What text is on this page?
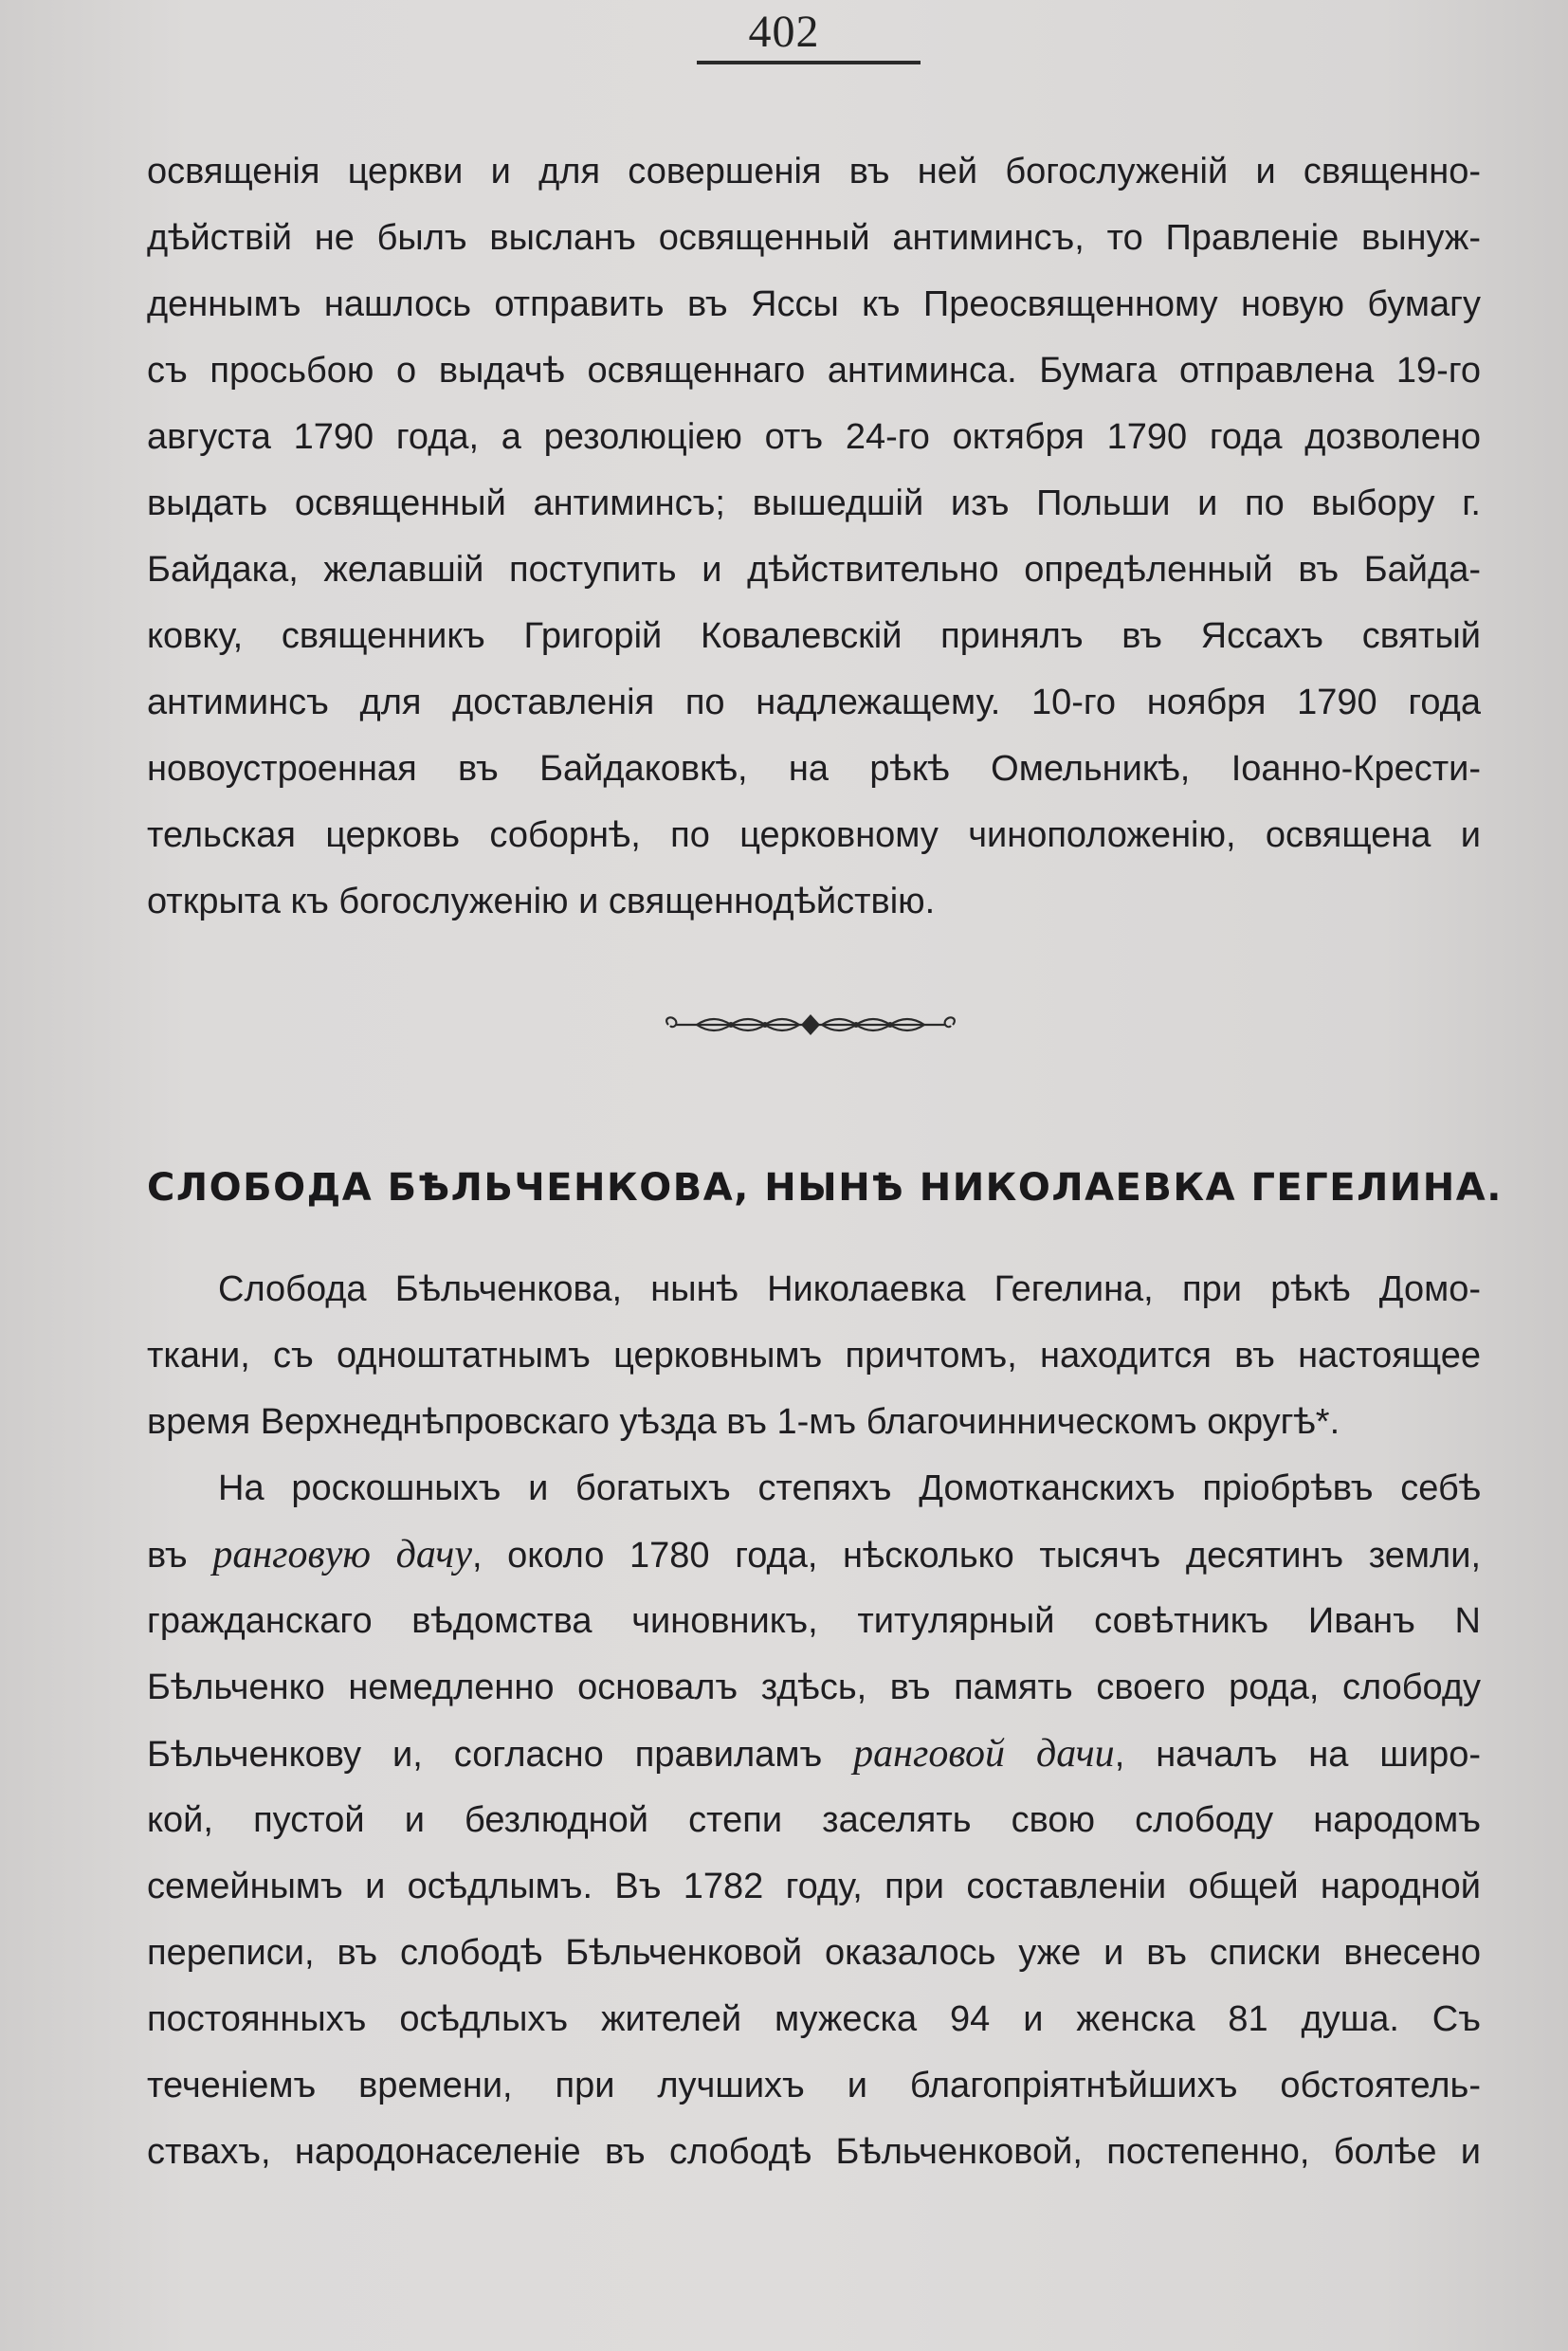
402
освященія церкви и для совершенія въ ней богослуженій и священно-
дѣйствій не былъ высланъ освященный антиминсъ, то Правленіе вынуж-
деннымъ нашлось отправить въ Яссы къ Преосвященному новую бумагу
съ просьбою о выдачѣ освященнаго антиминса. Бумага отправлена 19-го
августа 1790 года, а резолюціею отъ 24-го октября 1790 года дозволено
выдать освященный антиминсъ; вышедшій изъ Польши и по выбору г.
Байдака, желавшій поступить и дѣйствительно опредѣленный въ Байда-
ковку, священникъ Григорій Ковалевскій принялъ въ Яссахъ святый
антиминсъ для доставленія по надлежащему. 10-го ноября 1790 года
новоустроенная въ Байдаковкѣ, на рѣкѣ Омельникѣ, Іоанно-Крести-
тельская церковь соборнѣ, по церковному чиноположенію, освящена и
открыта къ богослуженію и священнодѣйствію.
СЛОБОДА БѢЛЬЧЕНКОВА, НЫНѢ НИКОЛАЕВКА ГЕГЕЛИНА.
Слобода Бѣльченкова, нынѣ Николаевка Гегелина, при рѣкѣ Домо-
ткани, съ одноштатнымъ церковнымъ причтомъ, находится въ настоящее
время Верхнеднѣпровскаго уѣзда въ 1-мъ благочинническомъ округѣ*.
На роскошныхъ и богатыхъ степяхъ Домотканскихъ пріобрѣвъ себѣ
въ ранговую дачу, около 1780 года, нѣсколько тысячъ десятинъ земли,
гражданскаго вѣдомства чиновникъ, титулярный совѣтникъ Иванъ N
Бѣльченко немедленно основалъ здѣсь, въ память своего рода, слободу
Бѣльченкову и, согласно правиламъ ранговой дачи, началъ на широ-
кой, пустой и безлюдной степи заселять свою слободу народомъ
семейнымъ и осѣдлымъ. Въ 1782 году, при составленіи общей народной
переписи, въ слободѣ Бѣльченковой оказалось уже и въ списки внесено
постоянныхъ осѣдлыхъ жителей мужеска 94 и женска 81 душа. Съ
теченіемъ времени, при лучшихъ и благопріятнѣйшихъ обстоятель-
ствахъ, народонаселеніе въ слободѣ Бѣльченковой, постепенно, болѣе и
